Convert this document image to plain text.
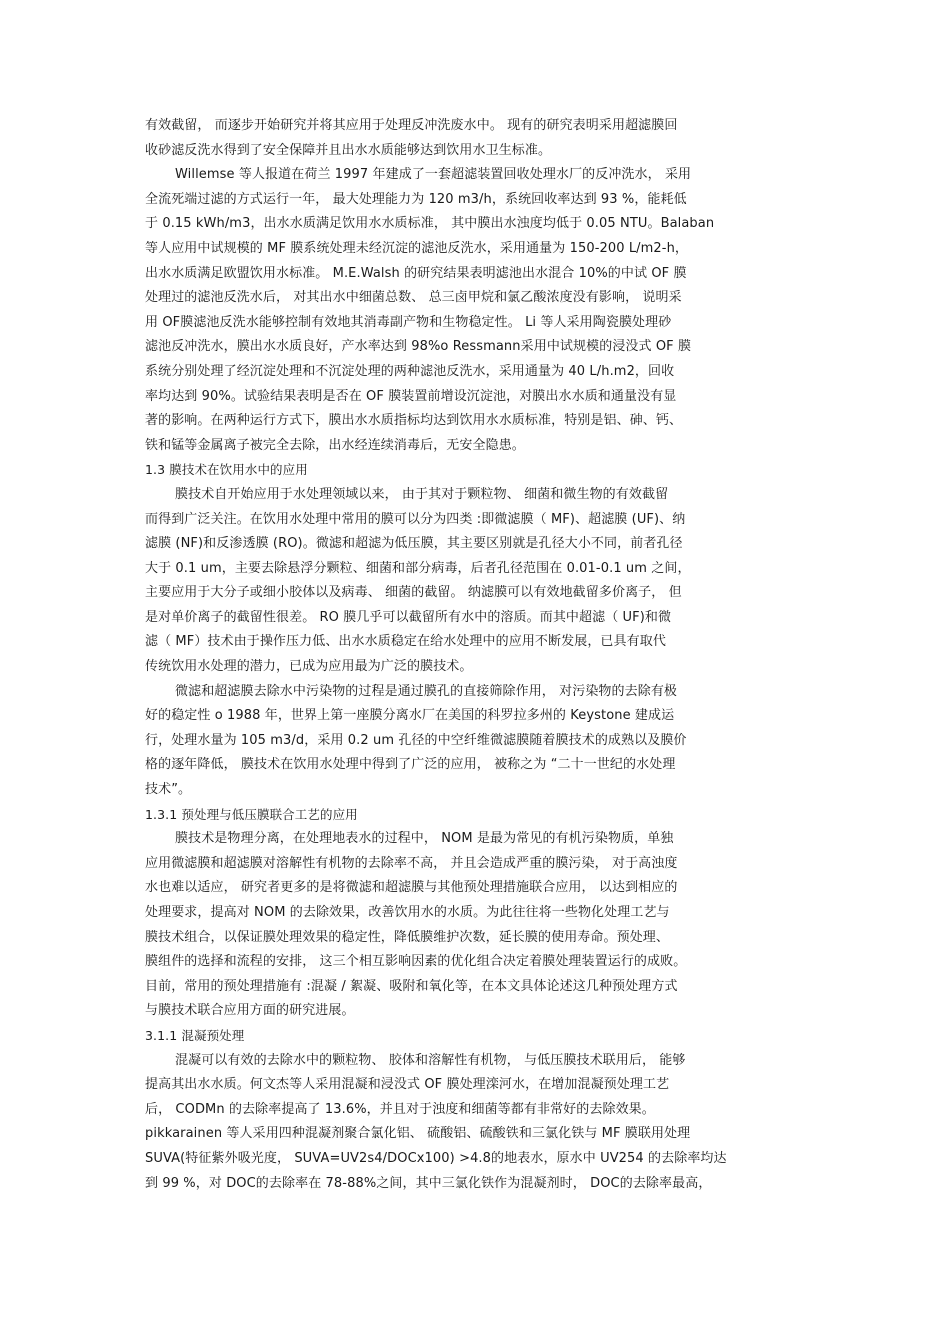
有效截留， 而逐步开始研究并将其应用于处理反冲洗废水中。 现有的研究表明采用超滤膜回
收砂滤反洗水得到了安全保障并且出水水质能够达到饮用水卫生标准。
Willemse 等人报道在荷兰 1997 年建成了一套超滤装置回收处理水厂的反冲洗水， 采用
全流死端过滤的方式运行一年， 最大处理能力为 120 m3/h，系统回收率达到 93 %，能耗低
于 0.15 kWh/m3，出水水质满足饮用水水质标准， 其中膜出水浊度均低于 0.05 NTU。Balaban
等人应用中试规模的 MF 膜系统处理未经沉淀的滤池反洗水，采用通量为 150-200 L/m2-h，
出水水质满足欧盟饮用水标准。 M.E.Walsh 的研究结果表明滤池出水混合 10%的中试 OF 膜
处理过的滤池反洗水后， 对其出水中细菌总数、 总三卤甲烷和氯乙酸浓度没有影响， 说明采
用 OF膜滤池反洗水能够控制有效地其消毒副产物和生物稳定性。 Li 等人采用陶瓷膜处理砂
滤池反冲洗水，膜出水水质良好，产水率达到 98%o Ressmann采用中试规模的浸没式 OF 膜
系统分别处理了经沉淀处理和不沉淀处理的两种滤池反洗水，采用通量为 40 L/h.m2，回收
率均达到 90%。试验结果表明是否在 OF 膜装置前增设沉淀池，对膜出水水质和通量没有显
著的影响。在两种运行方式下，膜出水水质指标均达到饮用水水质标准，特别是铝、砷、钙、
铁和锰等金属离子被完全去除，出水经连续消毒后，无安全隐患。
1.3 膜技术在饮用水中的应用
膜技术自开始应用于水处理领域以来， 由于其对于颗粒物、 细菌和微生物的有效截留
而得到广泛关注。在饮用水处理中常用的膜可以分为四类 :即微滤膜（ MF)、超滤膜 (UF)、纳
滤膜 (NF)和反渗透膜 (RO)。微滤和超滤为低压膜，其主要区别就是孔径大小不同，前者孔径
大于 0.1 um，主要去除悬浮分颗粒、细菌和部分病毒，后者孔径范围在 0.01-0.1 um 之间，
主要应用于大分子或细小胶体以及病毒、 细菌的截留。 纳滤膜可以有效地截留多价离子， 但
是对单价离子的截留性很差。 RO 膜几乎可以截留所有水中的溶质。而其中超滤（ UF)和微
滤（ MF）技术由于操作压力低、出水水质稳定在给水处理中的应用不断发展，已具有取代
传统饮用水处理的潜力，已成为应用最为广泛的膜技术。
微滤和超滤膜去除水中污染物的过程是通过膜孔的直接筛除作用， 对污染物的去除有极
好的稳定性 o 1988 年，世界上第一座膜分离水厂在美国的科罗拉多州的 Keystone 建成运
行，处理水量为 105 m3/d，采用 0.2 um 孔径的中空纤维微滤膜随着膜技术的成熟以及膜价
格的逐年降低， 膜技术在饮用水处理中得到了广泛的应用， 被称之为 “二十一世纪的水处理
技术”。
1.3.1 预处理与低压膜联合工艺的应用
膜技术是物理分离，在处理地表水的过程中， NOM 是最为常见的有机污染物质，单独
应用微滤膜和超滤膜对溶解性有机物的去除率不高， 并且会造成严重的膜污染， 对于高浊度
水也难以适应， 研究者更多的是将微滤和超滤膜与其他预处理措施联合应用， 以达到相应的
处理要求，提高对 NOM 的去除效果，改善饮用水的水质。为此往往将一些物化处理工艺与
膜技术组合，以保证膜处理效果的稳定性，降低膜维护次数，延长膜的使用寿命。预处理、
膜组件的选择和流程的安排， 这三个相互影响因素的优化组合决定着膜处理装置运行的成败。
目前，常用的预处理措施有 :混凝 / 絮凝、吸附和氧化等，在本文具体论述这几种预处理方式
与膜技术联合应用方面的研究进展。
3.1.1 混凝预处理
混凝可以有效的去除水中的颗粒物、 胶体和溶解性有机物， 与低压膜技术联用后， 能够
提高其出水水质。何文杰等人采用混凝和浸没式 OF 膜处理滦河水，在增加混凝预处理工艺
后， CODMn 的去除率提高了 13.6%，并且对于浊度和细菌等都有非常好的去除效果。
pikkarainen 等人采用四种混凝剂聚合氯化铝、 硫酸铝、硫酸铁和三氯化铁与 MF 膜联用处理
SUVA(特征紫外吸光度， SUVA=UV2s4/DOCx100) >4.8的地表水，原水中 UV254 的去除率均达
到 99 %，对 DOC的去除率在 78-88%之间，其中三氯化铁作为混凝剂时， DOC的去除率最高，
